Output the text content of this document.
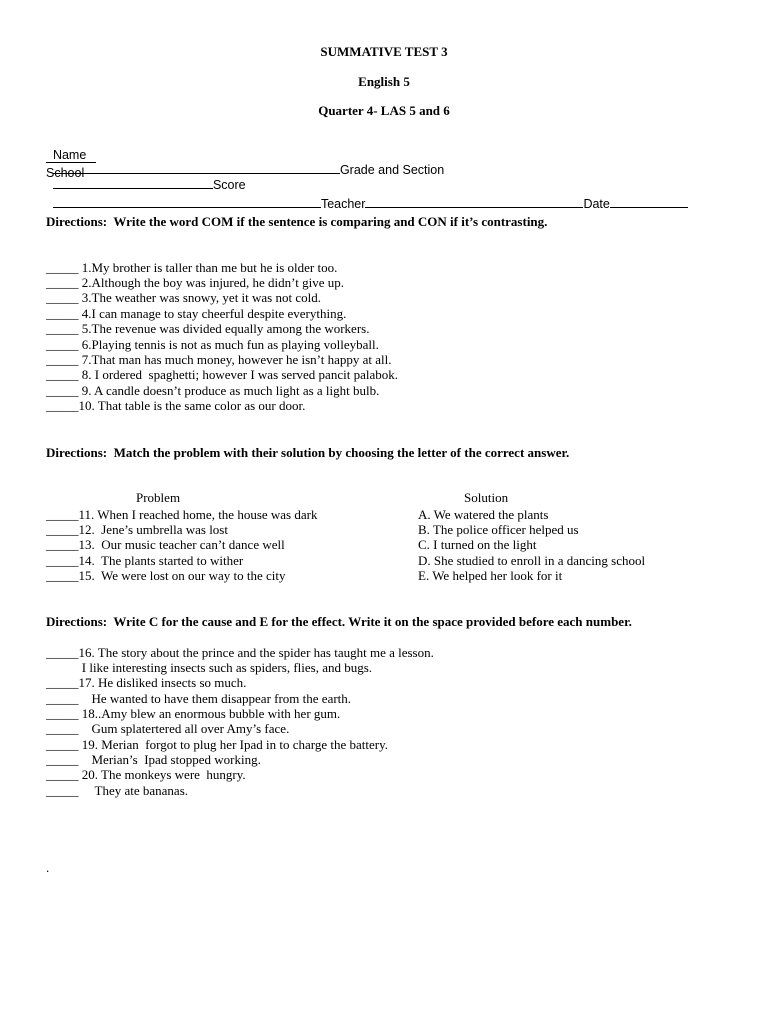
SUMMATIVE TEST 3
English 5
Quarter 4- LAS 5 and 6

Name
Grade and Section
Score

School

Teacher	Date

Directions:  Write the word COM if the sentence is comparing and CON if it’s contrasting.
_____ 1.My brother is taller than me but he is older too.
_____ 2.Although the boy was injured, he didn’t give up.
_____ 3.The weather was snowy, yet it was not cold.
_____ 4.I can manage to stay cheerful despite everything.
_____ 5.The revenue was divided equally among the workers.
_____ 6.Playing tennis is not as much fun as playing volleyball.
_____ 7.That man has much money, however he isn’t happy at all.
_____ 8. I ordered  spaghetti; however I was served pancit palabok.
_____ 9. A candle doesn’t produce as much light as a light bulb.
_____10. That table is the same color as our door.
Directions:  Match the problem with their solution by choosing the letter of the correct answer.
Problem	Solution
_____11. When I reached home, the house was dark
_____12.  Jene’s umbrella was lost
_____13.  Our music teacher can’t dance well
_____14.  The plants started to wither
_____15.  We were lost on our way to the city
A. We watered the plants
B. The police officer helped us
C. I turned on the light
D. She studied to enroll in a dancing school
E. We helped her look for it
Directions:  Write C for the cause and E for the effect. Write it on the space provided before each number.
_____16. The story about the prince and the spider has taught me a lesson.
I like interesting insects such as spiders, flies, and bugs.
_____17. He disliked insects so much.
_____    He wanted to have them disappear from the earth.
_____ 18..Amy blew an enormous bubble with her gum.
_____    Gum splatertered all over Amy’s face.
_____ 19. Merian  forgot to plug her Ipad in to charge the battery.
_____    Merian’s  Ipad stopped working.
_____ 20. The monkeys were  hungry.
_____     They ate bananas.
.
